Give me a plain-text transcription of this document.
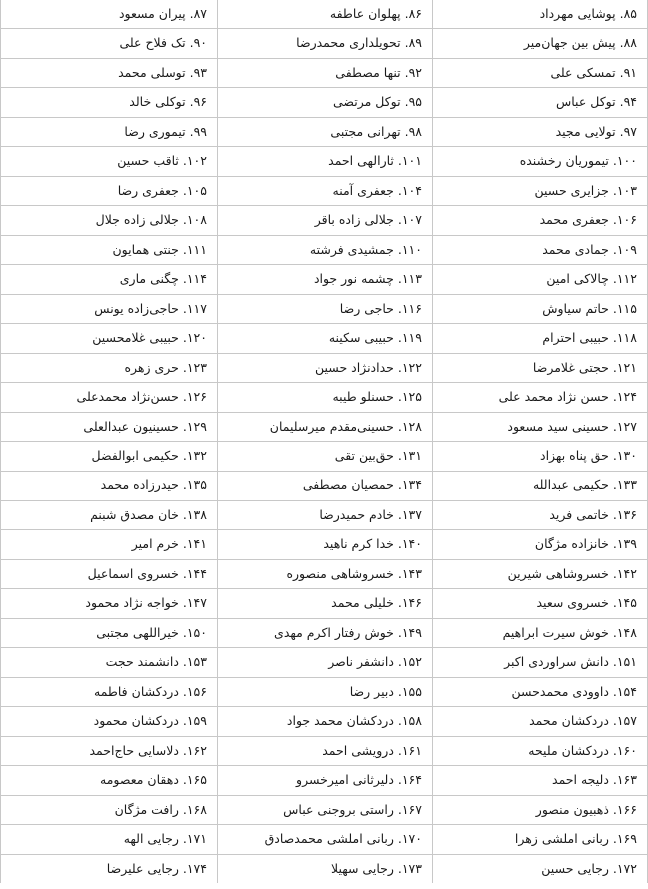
۸۵. پوشایی مهرداد	۸۶. پهلوان عاطفه	۸۷. پیران مسعود
۸۸. پیش بین جهان‌میر	۸۹. تحویلداری محمدرضا	۹۰. تک فلاح علی
۹۱. تمسکی علی	۹۲. تنها مصطفی	۹۳. توسلی محمد
۹۴. توکل عباس	۹۵. توکل مرتضی	۹۶. توکلی خالد
۹۷. تولایی مجید	۹۸. تهرانی مجتبی	۹۹. تیموری رضا
۱۰۰. تیموریان رخشنده	۱۰۱. ثارالهی احمد	۱۰۲. ثاقب حسین
۱۰۳. جزایری حسین	۱۰۴. جعفری آمنه	۱۰۵. جعفری رضا
۱۰۶. جعفری محمد	۱۰۷. جلالی زاده باقر	۱۰۸. جلالی زاده جلال
۱۰۹. جمادی محمد	۱۱۰. جمشیدی فرشته	۱۱۱. جنتی همایون
۱۱۲. چالاکی امین	۱۱۳. چشمه نور جواد	۱۱۴. چگنی ماری
۱۱۵. حاتم سیاوش	۱۱۶. حاجی رضا	۱۱۷. حاجی‌زاده یونس
۱۱۸. حبیبی احترام	۱۱۹. حبیبی سکینه	۱۲۰. حبیبی غلامحسین
۱۲۱. حجتی غلامرضا	۱۲۲. حدادنژاد حسین	۱۲۳. حری زهره
۱۲۴. حسن نژاد محمد علی	۱۲۵. حسنلو طیبه	۱۲۶. حسن‌نژاد محمدعلی
۱۲۷. حسینی سید مسعود	۱۲۸. حسینی‌مقدم میرسلیمان	۱۲۹. حسینیون عبدالعلی
۱۳۰. حق پناه بهزاد	۱۳۱. حق‌بین تقی	۱۳۲. حکیمی ابوالفضل
۱۳۳. حکیمی عبدالله	۱۳۴. حمصیان مصطفی	۱۳۵. حیدرزاده محمد
۱۳۶. خاتمی فرید	۱۳۷. خادم حمیدرضا	۱۳۸. خان مصدق شبنم
۱۳۹. خانزاده مژگان	۱۴۰. خدا کرم ناهید	۱۴۱. خرم امیر
۱۴۲. خسروشاهی شیرین	۱۴۳. خسروشاهی منصوره	۱۴۴. خسروی اسماعیل
۱۴۵. خسروی سعید	۱۴۶. خلیلی محمد	۱۴۷. خواجه نژاد محمود
۱۴۸. خوش سیرت ابراهیم	۱۴۹. خوش رفتار اکرم مهدی	۱۵۰. خیراللهی مجتبی
۱۵۱. دانش سراوردی اکبر	۱۵۲. دانشفر ناصر	۱۵۳. دانشمند حجت
۱۵۴. داوودی محمدحسن	۱۵۵. دبیر رضا	۱۵۶. دردکشان فاطمه
۱۵۷. دردکشان محمد	۱۵۸. دردکشان محمد جواد	۱۵۹. دردکشان محمود
۱۶۰. دردکشان ملیحه	۱۶۱. درویشی احمد	۱۶۲. دلاسایی حاج‌احمد
۱۶۳. دلیجه احمد	۱۶۴. دلیرثانی امیرخسرو	۱۶۵. دهقان معصومه
۱۶۶. ذهبیون منصور	۱۶۷. راستی بروجنی عباس	۱۶۸. رافت مژگان
۱۶۹. ربانی املشی زهرا	۱۷۰. ربانی املشی محمدصادق	۱۷۱. رجایی الهه
۱۷۲. رجایی حسین	۱۷۳. رجایی سهیلا	۱۷۴. رجایی علیرضا
